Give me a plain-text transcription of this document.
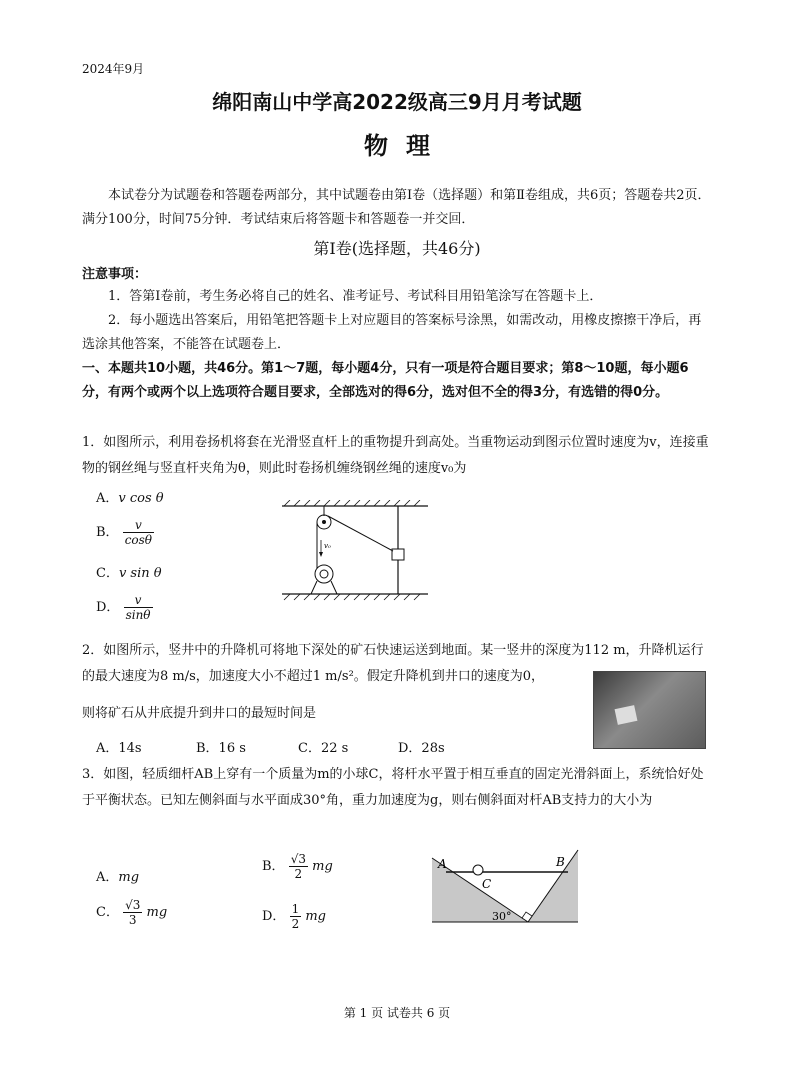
2024年9月
绵阳南山中学高2022级高三9月月考试题
物理
本试卷分为试题卷和答题卷两部分，其中试题卷由第Ⅰ卷（选择题）和第Ⅱ卷组成，共6页；答题卷共2页．满分100分，时间75分钟．考试结束后将答题卡和答题卷一并交回．
第Ⅰ卷(选择题，共46分)
注意事项：
1．答第Ⅰ卷前，考生务必将自己的姓名、准考证号、考试科目用铅笔涂写在答题卡上．
2．每小题选出答案后，用铅笔把答题卡上对应题目的答案标号涂黑，如需改动，用橡皮擦擦干净后，再选涂其他答案，不能答在试题卷上．
一、本题共10小题，共46分。第1～7题，每小题4分，只有一项是符合题目要求；第8～10题，每小题6分，有两个或两个以上选项符合题目要求，全部选对的得6分，选对但不全的得3分，有选错的得0分。
1．如图所示，利用卷扬机将套在光滑竖直杆上的重物提升到高处。当重物运动到图示位置时速度为v，连接重物的钢丝绳与竖直杆夹角为θ，则此时卷扬机缠绕钢丝绳的速度v₀为
A．v cos θ
B． $\frac{v}{\cos\theta}$
C．v sin θ
D． $\frac{v}{\sin\theta}$
v₀
2．如图所示，竖井中的升降机可将地下深处的矿石快速运送到地面。某一竖井的深度为112 m，升降机运行的最大速度为8 m/s，加速度大小不超过1 m/s²。假定升降机到井口的速度为0，
则将矿石从井底提升到井口的最短时间是
A．14s	B．16 s	C．22 s	D．28s
3．如图，轻质细杆AB上穿有一个质量为m的小球C，将杆水平置于相互垂直的固定光滑斜面上，系统恰好处于平衡状态。已知左侧斜面与水平面成30°角，重力加速度为g，则右侧斜面对杆AB支持力的大小为
A．mg
B． $\frac{√3}{2}$ mg
C． $\frac{√3}{3}$ mg	D． $\frac{1}{2}$ mg
A	B
C
30°
第 1 页 试卷共 6 页
